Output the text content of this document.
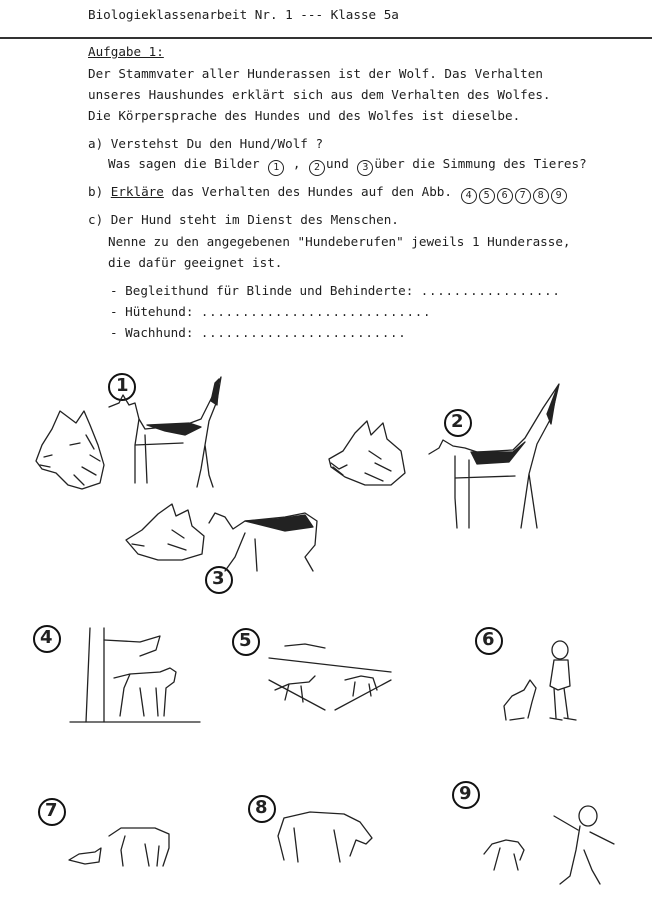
Biologieklassenarbeit Nr. 1 --- Klasse 5a
Aufgabe 1:
Der Stammvater aller Hunderassen ist der Wolf. Das Verhalten
unseres Haushundes erklärt sich aus dem Verhalten des Wolfes.
Die Körpersprache des Hundes und des Wolfes ist dieselbe.
a) Verstehst Du den Hund/Wolf ?
Was sagen die Bilder 1 , 2 und 3 über die Simmung des Tieres?
b) Erkläre das Verhalten des Hundes auf den Abb. 4 5 6 7 8 9
c) Der Hund steht im Dienst des Menschen.
Nenne zu den angegebenen "Hundeberufen" jeweils 1 Hunderasse,
die dafür geeignet ist.
- Begleithund für Blinde und Behinderte: .................
- Hütehund: ............................
- Wachhund: .........................
1
2
3
4	5	6
7	8
9
